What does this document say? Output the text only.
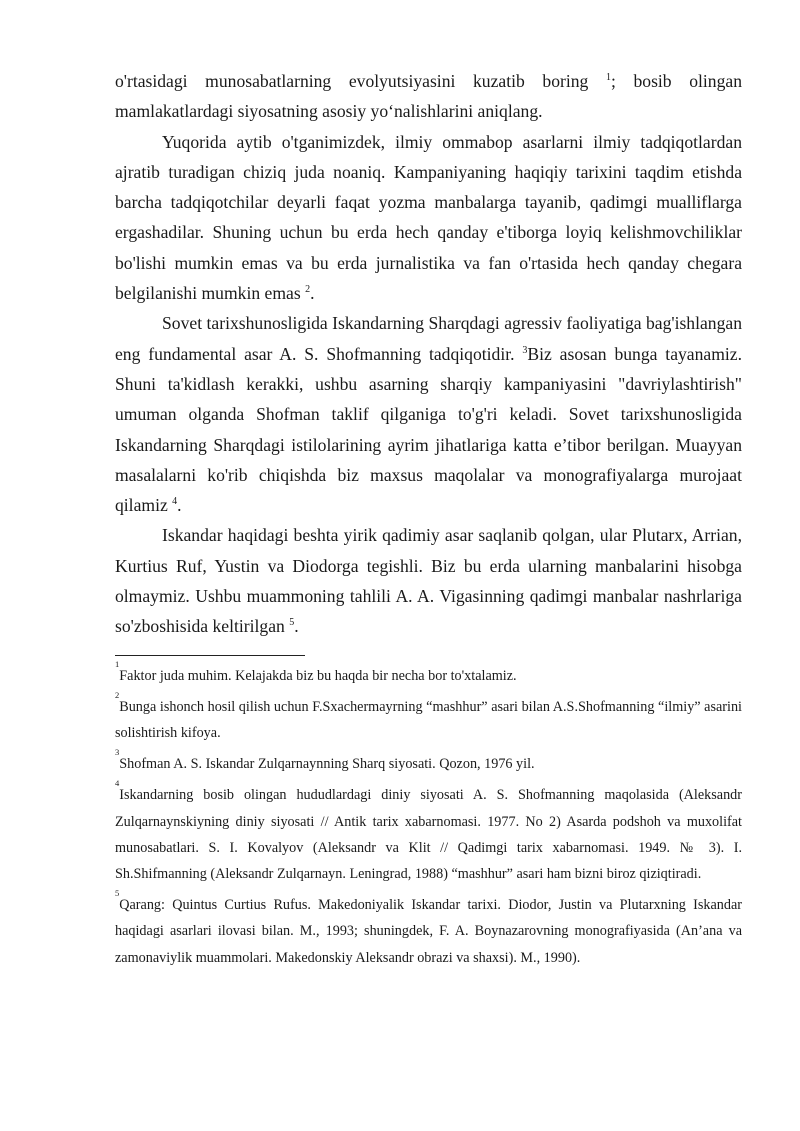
o'rtasidagi munosabatlarning evolyutsiyasini kuzatib boring $^1$; bosib olingan mamlakatlardagi siyosatning asosiy yo‘nalishlarini aniqlang.

Yuqorida aytib o'tganimizdek, ilmiy ommabop asarlarni ilmiy tadqiqotlardan ajratib turadigan chiziq juda noaniq. Kampaniyaning haqiqiy tarixini taqdim etishda barcha tadqiqotchilar deyarli faqat yozma manbalarga tayanib, qadimgi mualliflarga ergashadilar. Shuning uchun bu erda hech qanday e'tiborga loyiq kelishmovchiliklar bo'lishi mumkin emas va bu erda jurnalistika va fan o'rtasida hech qanday chegara belgilanishi mumkin emas $^2$.

Sovet tarixshunosligida Iskandarning Sharqdagi agressiv faoliyatiga bag'ishlangan eng fundamental asar A. S. Shofmanning tadqiqotidir. $^3$Biz asosan bunga tayanamiz. Shuni ta'kidlash kerakki, ushbu asarning sharqiy kampaniyasini "davriylashtirish" umuman olganda Shofman taklif qilganiga to'g'ri keladi. Sovet tarixshunosligida Iskandarning Sharqdagi istilolarining ayrim jihatlariga katta e’tibor berilgan. Muayyan masalalarni ko'rib chiqishda biz maxsus maqolalar va monografiyalarga murojaat qilamiz $^4$.

Iskandar haqidagi beshta yirik qadimiy asar saqlanib qolgan, ular Plutarx, Arrian, Kurtius Ruf, Yustin va Diodorga tegishli. Biz bu erda ularning manbalarini hisobga olmaymiz. Ushbu muammoning tahlili A. A. Vigasinning qadimgi manbalar nashrlariga so'zboshisida keltirilgan $^5$.

$^1$Faktor juda muhim. Kelajakda biz bu haqda bir necha bor to'xtalamiz.

$^2$Bunga ishonch hosil qilish uchun F.Sxachermayrning “mashhur” asari bilan A.S.Shofmanning “ilmiy” asarini solishtirish kifoya.

$^3$Shofman A. S. Iskandar Zulqarnaynning Sharq siyosati. Qozon, 1976 yil.

$^4$Iskandarning bosib olingan hududlardagi diniy siyosati A. S. Shofmanning maqolasida (Aleksandr Zulqarnaynskiyning diniy siyosati // Antik tarix xabarnomasi. 1977. No 2) Asarda podshoh va muxolifat munosabatlari. S. I. Kovalyov (Aleksandr va Klit // Qadimgi tarix xabarnomasi. 1949. № 3). I. Sh.Shifmanning (Aleksandr Zulqarnayn. Leningrad, 1988) “mashhur” asari ham bizni biroz qiziqtiradi.

$^5$Qarang: Quintus Curtius Rufus. Makedoniyalik Iskandar tarixi. Diodor, Justin va Plutarxning Iskandar haqidagi asarlari ilovasi bilan. M., 1993; shuningdek, F. A. Boynazarovning monografiyasida (An’ana va zamonaviylik muammolari. Makedonskiy Aleksandr obrazi va shaxsi). M., 1990).
